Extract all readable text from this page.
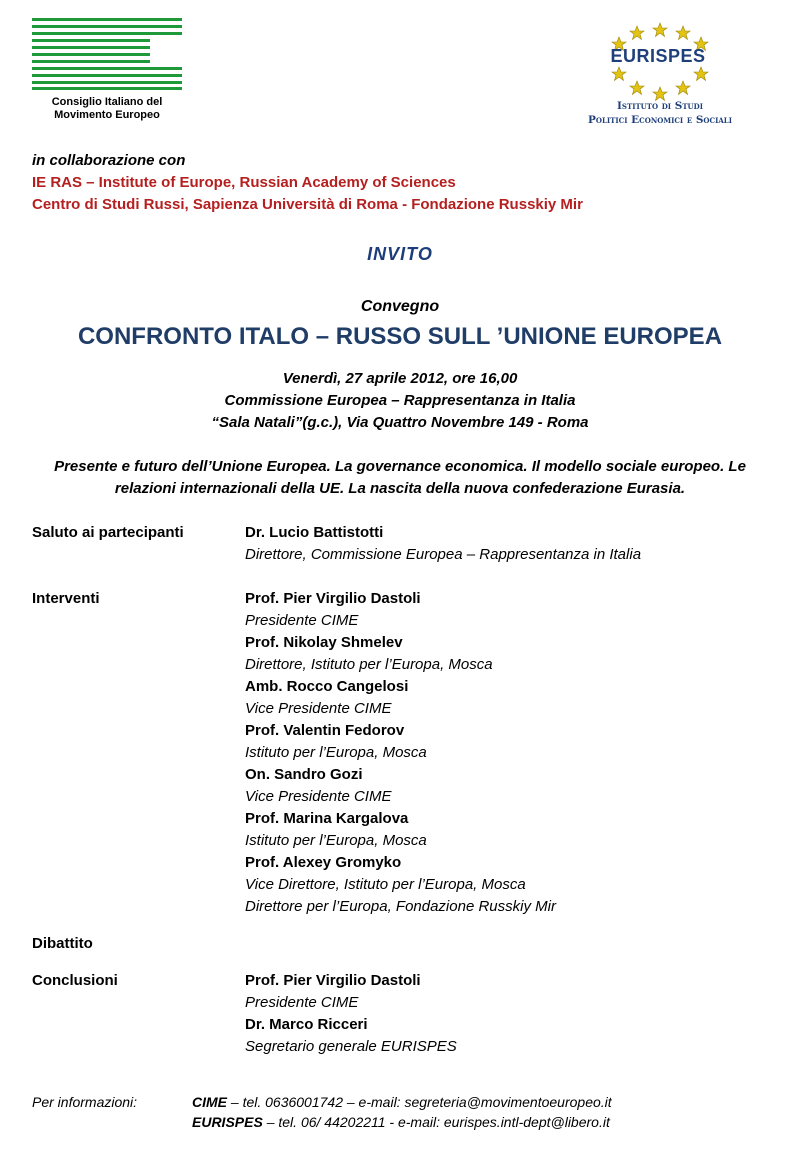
Consiglio Italiano del
Movimento Europeo
EURISPES
Istituto di Studi
Politici Economici e Sociali
in collaborazione con
IE RAS – Institute of Europe, Russian Academy of Sciences
Centro di Studi Russi, Sapienza Università di Roma - Fondazione Russkiy Mir
INVITO
Convegno
CONFRONTO ITALO – RUSSO SULL ’UNIONE EUROPEA
Venerdì, 27 aprile 2012, ore 16,00
Commissione Europea – Rappresentanza in Italia
“Sala Natali”(g.c.), Via Quattro Novembre 149 - Roma
Presente e futuro dell’Unione Europea. La governance economica. Il modello sociale europeo. Le
relazioni internazionali della UE. La nascita della nuova confederazione Eurasia.
Saluto ai partecipanti	Dr. Lucio Battistotti
Direttore, Commissione Europea – Rappresentanza in Italia
Interventi	Prof. Pier Virgilio Dastoli
Presidente CIME
Prof. Nikolay Shmelev
Direttore, Istituto per l’Europa, Mosca
Amb. Rocco Cangelosi
Vice Presidente CIME
Prof. Valentin Fedorov
Istituto per l’Europa, Mosca
On. Sandro Gozi
Vice Presidente CIME
Prof. Marina Kargalova
Istituto per l’Europa, Mosca
Prof. Alexey Gromyko
Vice Direttore, Istituto per l’Europa, Mosca
Direttore per l’Europa, Fondazione Russkiy Mir
Dibattito
Conclusioni	Prof. Pier Virgilio Dastoli
Presidente CIME
Dr. Marco Ricceri
Segretario generale EURISPES
Per informazioni:	CIME – tel. 0636001742 – e-mail: segreteria@movimentoeuropeo.it
EURISPES – tel. 06/ 44202211 - e-mail: eurispes.intl-dept@libero.it
